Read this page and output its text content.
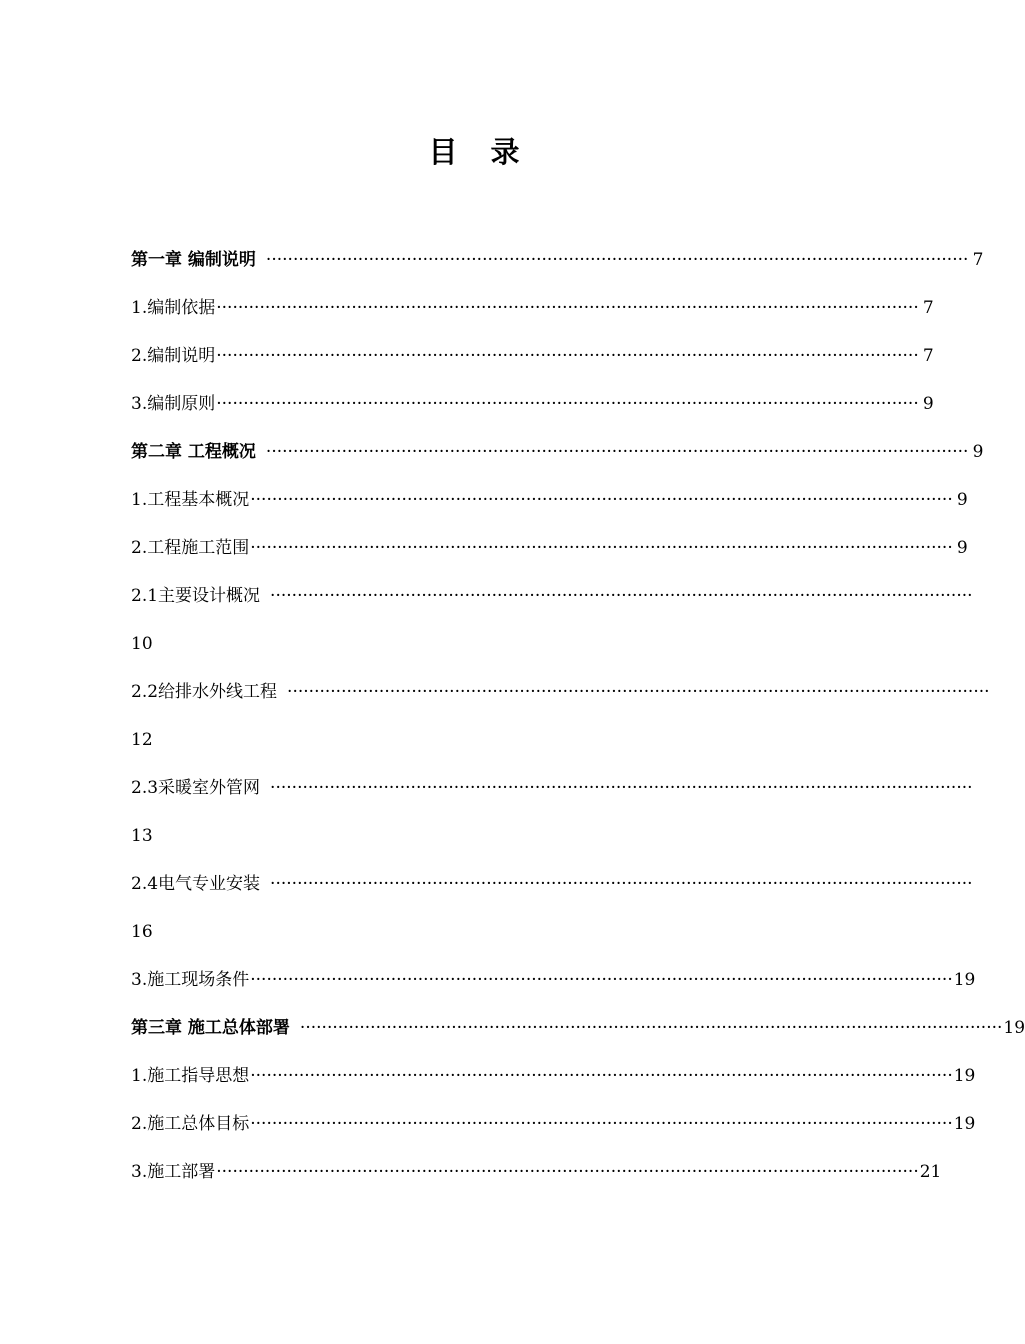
目　录
第一章 编制说明 ·································································································································· 7
1.编制依据 ·································································································································· 7
2.编制说明 ·································································································································· 7
3.编制原则 ·································································································································· 9
第二章 工程概况 ·································································································································· 9
1.工程基本概况 ·································································································································· 9
2.工程施工范围 ·································································································································· 9
2.1主要设计概况 ··································································································································
10
2.2给排水外线工程 ··································································································································
12
2.3采暖室外管网 ··································································································································
13
2.4电气专业安装 ··································································································································
16
3.施工现场条件 ·································································································································· 19
第三章 施工总体部署 ·································································································································· 19
1.施工指导思想 ·································································································································· 19
2.施工总体目标 ·································································································································· 19
3.施工部署 ·································································································································· 21
